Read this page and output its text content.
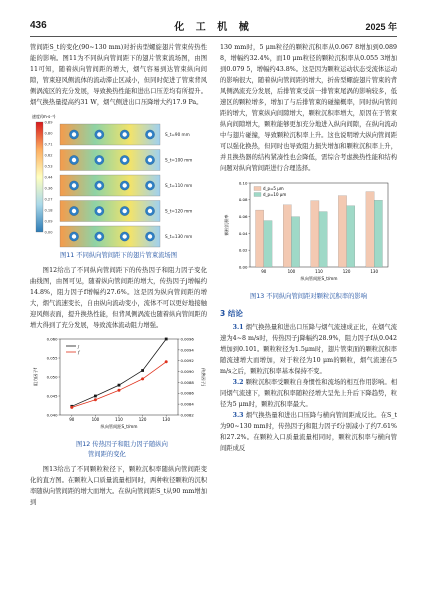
436	化 工 机 械	2025 年

管间距S_t的变化(90~130 mm)对折齿型螺旋翅片管束传热性能的影响。图11为不同纵向管间距下的翅片管束流场图，由图11可知，随着纵向管间距的增大，烟气容易到达管束纵向间隙，管束迎风侧流体的流动滞止区减小，但同时促进了管束背风侧涡流区的充分发展，导致换热性能和进出口压差均有所提升。烟气换热量提高约31 W，烟气侧进出口压降增大约17.9 Pa。

速度/(m·s⁻¹)
0.89
0.80
0.71
0.62
0.53
0.44
0.36
0.27
0.18
0.09
0.00
S_t=90 mm
S_t=100 mm
S_t=110 mm
S_t=120 mm
S_t=130 mm
图11 不同纵向管间距下的翅片管束流场图

图12给出了不同纵向管间距下的传热因子和阻力因子变化曲线图，由图可见，随着纵向管间距的增大，传热因子j增幅约14.8%，阻力因子f增幅约27.6%。这是因为纵向管间距的增大，烟气流速变长，自由纵向流动变小，流体不可以更好地接触迎风侧表面，提升换热性能，但背风侧涡流也随着纵向管间距的增大得到了充分发展，导致流体流动阻力增强。

90	100	110	120	130
0.040
0.045
0.050
0.055
0.060
0.0082
0.0084
0.0086
0.0088
0.0090
0.0092
0.0094
0.0096
j
f
纵向管间距S_t/mm
阻力因子f	传热因子j
图12 传热因子和阻力因子随纵向
管间距的变化

图13给出了不同颗粒粒径下，颗粒沉积率随纵向管间距变化的直方图。在颗粒入口质量流量相同时，两种粒径颗粒的沉积率随纵向管间距的增大而增大。在纵向管间距S_t从90 mm增加到

130 mm时，5 μm粒径的颗粒沉积率从0.067 8增加到0.089 8，增幅约32.4%，而10 μm粒径的颗粒沉积率从0.055 3增加到0.079 5，增幅约43.8%。这是因为颗粒运动状态受流体运动的影响很大，随着纵向管间距的增大，折齿型螺旋翅片管束的背风侧涡流充分发展，后排管束受前一排管束尾涡的影响较多，低速区的颗粒增多，增加了与后排管束的碰撞概率，同时纵向管间距的增大，管束纵向间隙增大，颗粒沉积率增大，原因在于管束纵向间隙增大，颗粒能够更加充分地进入纵向间隙，在纵向流动中与翅片碰撞，导致颗粒沉积率上升。这也说明增大纵向管间距可以强化换热，但同时也导致阻力损失增加和颗粒沉积率上升，并且换热器的结构紧凑性也会降低，需综合考虑换热性能和结构问题对纵向管间距进行合理选择。

0.00
0.02
0.04
0.06
0.08
0.10
90	100	110	120	130
d_p=5 μm
d_p=10 μm
纵向管间距S_t/mm
颗粒沉积率
图13 不同纵向管间距对颗粒沉积率的影响
3 结论

3.1 烟气换热量和进出口压降与烟气流速成正比，在烟气流速为4~8 m/s时，传热因子j降幅约28.9%，阻力因子f从0.042增加到0.101。颗粒粒径为1.5μm时，翅片管束面的颗粒沉积率随流速增大而增加，对于粒径为10 μm的颗粒，烟气流速在5 m/s之后，颗粒沉积率基本保持不变。

3.2 颗粒沉积率受颗粒自身惯性和流场的相互作用影响。相同烟气流速下，颗粒沉积率随粒径增大呈先上升后下降趋势，粒径为5 μm时，颗粒沉积率最大。

3.3 烟气换热量和进出口压降与横向管间距成反比。在S_t为90~130 mm时，传热因子j和阻力因子f分别减小了约7.61%和27.2%。在颗粒入口质量流量相同时，颗粒沉积率与横向管间距成反
